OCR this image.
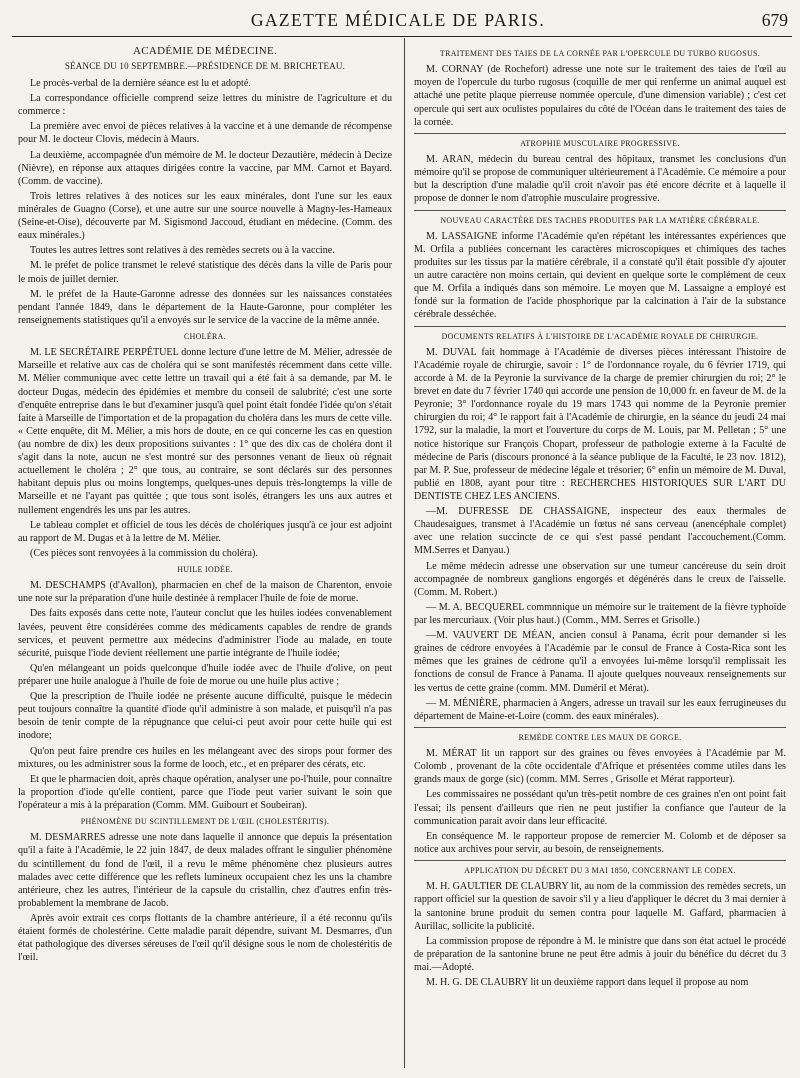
GAZETTE MÉDICALE DE PARIS.	679
ACADÉMIE DE MÉDECINE.
SÉANCE DU 10 SEPTEMBRE.—PRÉSIDENCE DE M. BRICHETEAU.

Le procès-verbal de la dernière séance est lu et adopté.

La correspondance officielle comprend seize lettres du ministre de l'agriculture et du commerce :

La première avec envoi de pièces relatives à la vaccine et à une demande de récompense pour M. le docteur Clovis, médecin à Maurs.

La deuxième, accompagnée d'un mémoire de M. le docteur Dezautière, médecin à Decize (Nièvre), en réponse aux attaques dirigées contre la vaccine, par MM. Carnot et Bayard. (Comm. de vaccine).

Trois lettres relatives à des notices sur les eaux minérales, dont l'une sur les eaux minérales de Guagno (Corse), et une autre sur une source nouvelle à Magny-les-Hameaux (Seine-et-Oise), découverte par M. Sigismond Jaccoud, étudiant en médecine. (Comm. des eaux minérales.)

Toutes les autres lettres sont relatives à des remèdes secrets ou à la vaccine.

M. le préfet de police transmet le relevé statistique des décès dans la ville de Paris pour le mois de juillet dernier.

M. le préfet de la Haute-Garonne adresse des données sur les naissances constatées pendant l'année 1849, dans le département de la Haute-Garonne, pour compléter les renseignements statistiques qu'il a envoyés sur le service de la vaccine de la même année.

CHOLÉRA.

M. LE SECRÉTAIRE PERPÉTUEL donne lecture d'une lettre de M. Mélier, adressée de Marseille et relative aux cas de choléra qui se sont manifestés récemment dans cette ville. M. Mélier communique avec cette lettre un travail qui a été fait à sa demande, par M. le docteur Dugas, médecin des épidémies et membre du conseil de salubrité; c'est une sorte d'enquête entreprise dans le but d'examiner jusqu'à quel point était fondée l'idée qu'on s'était faite à Marseille de l'importation et de la propagation du choléra dans les murs de cette ville. « Cette enquête, dit M. Mélier, a mis hors de doute, en ce qui concerne les cas en question (au nombre de dix) les deux propositions suivantes : 1° que des dix cas de choléra dont il s'agit dans la note, aucun ne s'est montré sur des personnes venant de lieux où régnait actuellement le choléra ; 2° que tous, au contraire, se sont déclarés sur des personnes habitant depuis plus ou moins longtemps, quelques-unes depuis très-longtemps la ville de Marseille et ne l'ayant pas quittée ; que tous sont isolés, étrangers les uns aux autres et nullement engendrés les uns par les autres.

Le tableau complet et officiel de tous les décès de cholériques jusqu'à ce jour est adjoint au rapport de M. Dugas et à la lettre de M. Mélier.

(Ces pièces sont renvoyées à la commission du choléra).

HUILE IODÉE.

M. DESCHAMPS (d'Avallon), pharmacien en chef de la maison de Charenton, envoie une note sur la préparation d'une huile destinée à remplacer l'huile de foie de morue.

Des faits exposés dans cette note, l'auteur conclut que les huiles iodées convenablement lavées, peuvent être considérées comme des médicaments capables de rendre de grands services, et peuvent permettre aux médecins d'administrer l'iode au malade, en toute sécurité, puisque l'iode devient réellement une partie intégrante de l'huile iodée;

Qu'en mélangeant un poids quelconque d'huile iodée avec de l'huile d'olive, on peut préparer une huile analogue à l'huile de foie de morue ou une huile plus active ;

Que la prescription de l'huile iodée ne présente aucune difficulté, puisque le médecin peut toujours connaître la quantité d'iode qu'il administre à son malade, et puisqu'il n'a pas besoin de tenir compte de la répugnance que celui-ci peut avoir pour cette huile qui est inodore;

Qu'on peut faire prendre ces huiles en les mélangeant avec des sirops pour former des mixtures, ou les administrer sous la forme de looch, etc., et en préparer des cérats, etc.

Et que le pharmacien doit, après chaque opération, analyser une po-l'huile, pour connaître la proportion d'iode qu'elle contient, parce que l'iode peut varier suivant le soin que l'opérateur a mis à la préparation (Comm. MM. Guibourt et Soubeiran).

PHÉNOMÈNE DU SCINTILLEMENT DE L'ŒIL (CHOLESTÉRITIS).

M. DESMARRES adresse une note dans laquelle il annonce que depuis la présentation qu'il a faite à l'Académie, le 22 juin 1847, de deux malades offrant le singulier phénomène du scintillement du fond de l'œil, il a revu le même phénomène chez plusieurs autres malades avec cette différence que les reflets lumineux occupaient chez les uns la chambre antérieure, chez les autres, l'intérieur de la capsule du cristallin, chez d'autres enfin très-probablement la membrane de Jacob.

Après avoir extrait ces corps flottants de la chambre antérieure, il a été reconnu qu'ils étaient formés de cholestérine. Cette maladie parait dépendre, suivant M. Desmarres, d'un état pathologique des diverses séreuses de l'œil qu'il désigne sous le nom de cholestéritis de l'œil.

TRAITEMENT DES TAIES DE LA CORNÉE PAR L'OPERCULE DU TURBO RUGOSUS.

M. CORNAY (de Rochefort) adresse une note sur le traitement des taies de l'œil au moyen de l'opercule du turbo rugosus (coquille de mer qui renferme un animal auquel est attaché une petite plaque pierreuse nommée opercule, d'une dimension variable) ; c'est cet opercule qui sert aux oculistes populaires du côté de l'Océan dans le traitement des taies de la cornée.

ATROPHIE MUSCULAIRE PROGRESSIVE.

M. ARAN, médecin du bureau central des hôpitaux, transmet les conclusions d'un mémoire qu'il se propose de communiquer ultérieurement à l'Académie. Ce mémoire a pour but la description d'une maladie qu'il croit n'avoir pas été encore décrite et à laquelle il propose de donner le nom d'atrophie musculaire progressive.

NOUVEAU CARACTÈRE DES TACHES PRODUITES PAR LA MATIÈRE CÉRÉBRALE.

M. LASSAIGNE informe l'Académie qu'en répétant les intéressantes expériences que M. Orfila a publiées concernant les caractères microscopiques et chimiques des taches produites sur les tissus par la matière cérébrale, il a constaté qu'il était possible d'y ajouter un autre caractère non moins certain, qui devient en quelque sorte le complément de ceux que M. Orfila a indiqués dans son mémoire. Le moyen que M. Lassaigne a employé est fondé sur la formation de l'acide phosphorique par la calcination à l'air de la substance cérébrale desséchée.

DOCUMENTS RELATIFS À L'HISTOIRE DE L'ACADÉMIE ROYALE DE CHIRURGIE.

M. DUVAL fait hommage à l'Académie de diverses pièces intéressant l'histoire de l'Académie royale de chirurgie, savoir : 1° de l'ordonnance royale, du 6 février 1719, qui accorde à M. de la Peyronie la survivance de la charge de premier chirurgien du roi; 2° le brevet en date du 7 février 1740 qui accorde une pension de 10,000 fr. en faveur de M. de la Peyronie; 3° l'ordonnance royale du 19 mars 1743 qui nomme de la Peyronie premier chirurgien du roi; 4° le rapport fait à l'Académie de chirurgie, en la séance du jeudi 24 mai 1792, sur la maladie, la mort et l'ouverture du corps de M. Louis, par M. Pelletan ; 5° une notice historique sur François Chopart, professeur de pathologie externe à la Faculté de médecine de Paris (discours prononcé à la séance publique de la Faculté, le 23 nov. 1812), par M. P. Sue, professeur de médecine légale et trésorier; 6° enfin un mémoire de M. Duval, publié en 1808, ayant pour titre : RECHERCHES HISTORIQUES SUR L'ART DU DENTISTE CHEZ LES ANCIENS.

—M. DUFRESSE DE CHASSAIGNE, inspecteur des eaux thermales de Chaudesaigues, transmet à l'Académie un fœtus né sans cerveau (anencéphale complet) avec une relation succincte de ce qui s'est passé pendant l'accouchement.(Comm. MM.Serres et Danyau.)

Le même médecin adresse une observation sur une tumeur cancéreuse du sein droit accompagnée de nombreux ganglions engorgés et dégénérés dans le creux de l'aisselle. (Comm. M. Robert.)

— M. A. BECQUEREL commnnique un mémoire sur le traitement de la fièvre typhoïde par les mercuriaux. (Voir plus haut.) (Comm., MM. Serres et Grisolle.)

—M. VAUVERT DE MÉAN, ancien consul à Panama, écrit pour demander si les graines de cédrore envoyées à l'Académie par le consul de France à Costa-Rica sont les mêmes que les graines de cédrone qu'il a envoyées lui-même lorsqu'il remplissait les fonctions de consul de France à Panama. Il ajoute quelques nouveaux renseignements sur les vertus de cette graine (comm. MM. Duméril et Mérat).

— M. MÉNIÈRE, pharmacien à Angers, adresse un travail sur les eaux ferrugineuses du département de Maine-et-Loire (comm. des eaux minérales).

REMÈDE CONTRE LES MAUX DE GORGE.

M. MÉRAT lit un rapport sur des graines ou fèves envoyées à l'Académie par M. Colomb , provenant de la côte occidentale d'Afrique et présentées comme utiles dans les grands maux de gorge (sic) (comm. MM. Serres , Grisolle et Mérat rapporteur).

Les commissaires ne possédant qu'un très-petit nombre de ces graines n'en ont point fait l'essai; ils pensent d'ailleurs que rien ne peut justifier la confiance que l'auteur de la communication parait avoir dans leur efficacité.

En conséquence M. le rapporteur propose de remercier M. Colomb et de déposer sa notice aux archives pour servir, au besoin, de renseignements.

APPLICATION DU DÉCRET DU 3 MAI 1850, CONCERNANT LE CODEX.

M. H. GAULTIER DE CLAUBRY lit, au nom de la commission des remèdes secrets, un rapport officiel sur la question de savoir s'il y a lieu d'appliquer le décret du 3 mai dernier à la santonine brune produit du semen contra pour laquelle M. Gaffard, pharmacien à Aurillac, sollicite la publicité.

La commission propose de répondre à M. le ministre que dans son état actuel le procédé de préparation de la santonine brune ne peut être admis à jouir du bénéfice du décret du 3 mai.—Adopté.

M. H. G. DE CLAUBRY lit un deuxième rapport dans lequel il propose au nom
